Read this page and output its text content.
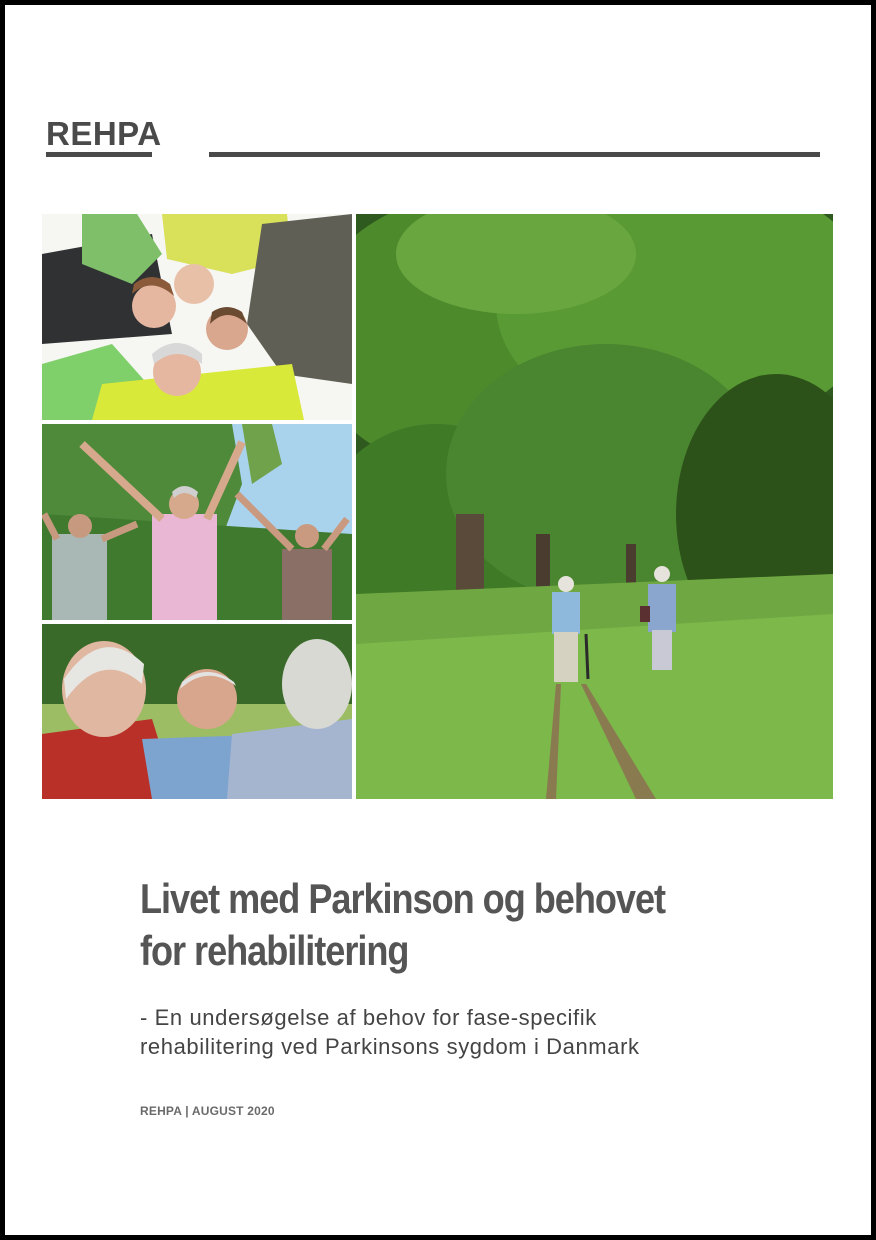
REHPA
Livet med Parkinson og behovet
for rehabilitering
- En undersøgelse af behov for fase-specifik
rehabilitering ved Parkinsons sygdom i Danmark
REHPA | AUGUST 2020
